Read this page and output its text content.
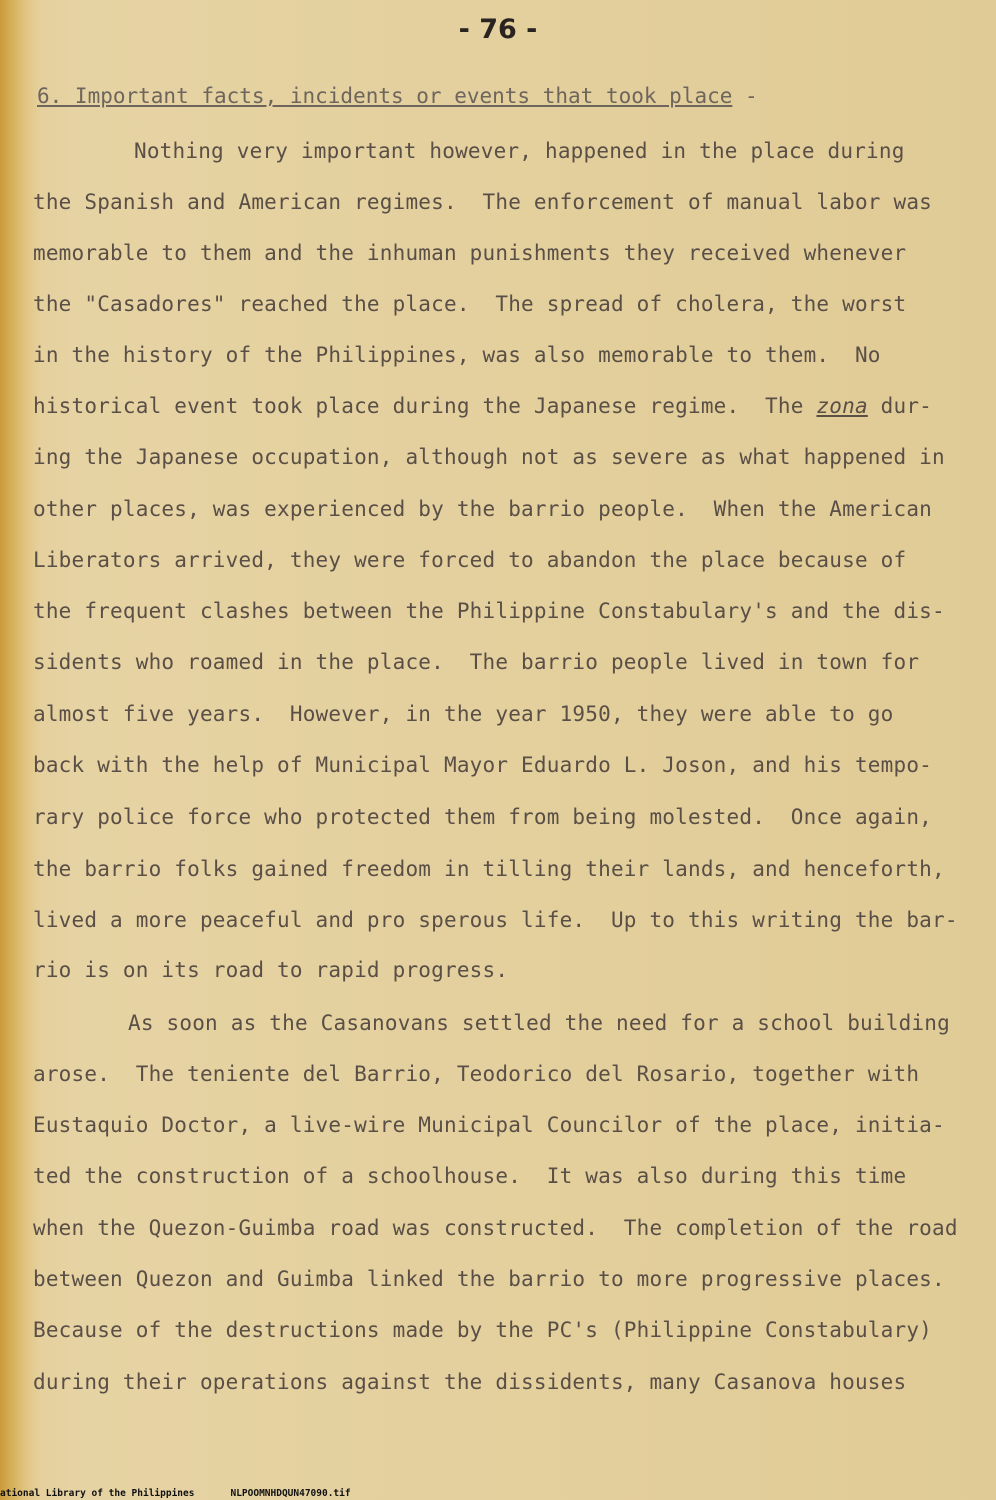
- 76 -
6. Important facts, incidents or events that took place -
Nothing very important however, happened in the place during
the Spanish and American regimes.  The enforcement of manual labor was
memorable to them and the inhuman punishments they received whenever
the "Casadores" reached the place.  The spread of cholera, the worst
in the history of the Philippines, was also memorable to them.  No
historical event took place during the Japanese regime.  The zona dur-
ing the Japanese occupation, although not as severe as what happened in
other places, was experienced by the barrio people.  When the American
Liberators arrived, they were forced to abandon the place because of
the frequent clashes between the Philippine Constabulary's and the dis-
sidents who roamed in the place.  The barrio people lived in town for
almost five years.  However, in the year 1950, they were able to go
back with the help of Municipal Mayor Eduardo L. Joson, and his tempo-
rary police force who protected them from being molested.  Once again,
the barrio folks gained freedom in tilling their lands, and henceforth,
lived a more peaceful and pro sperous life.  Up to this writing the bar-
rio is on its road to rapid progress.
As soon as the Casanovans settled the need for a school building
arose.  The teniente del Barrio, Teodorico del Rosario, together with
Eustaquio Doctor, a live-wire Municipal Councilor of the place, initia-
ted the construction of a schoolhouse.  It was also during this time
when the Quezon-Guimba road was constructed.  The completion of the road
between Quezon and Guimba linked the barrio to more progressive places.
Because of the destructions made by the PC's (Philippine Constabulary)
during their operations against the dissidents, many Casanova houses
ational Library of the Philippines	NLPOOMNHDQUN47090.tif
